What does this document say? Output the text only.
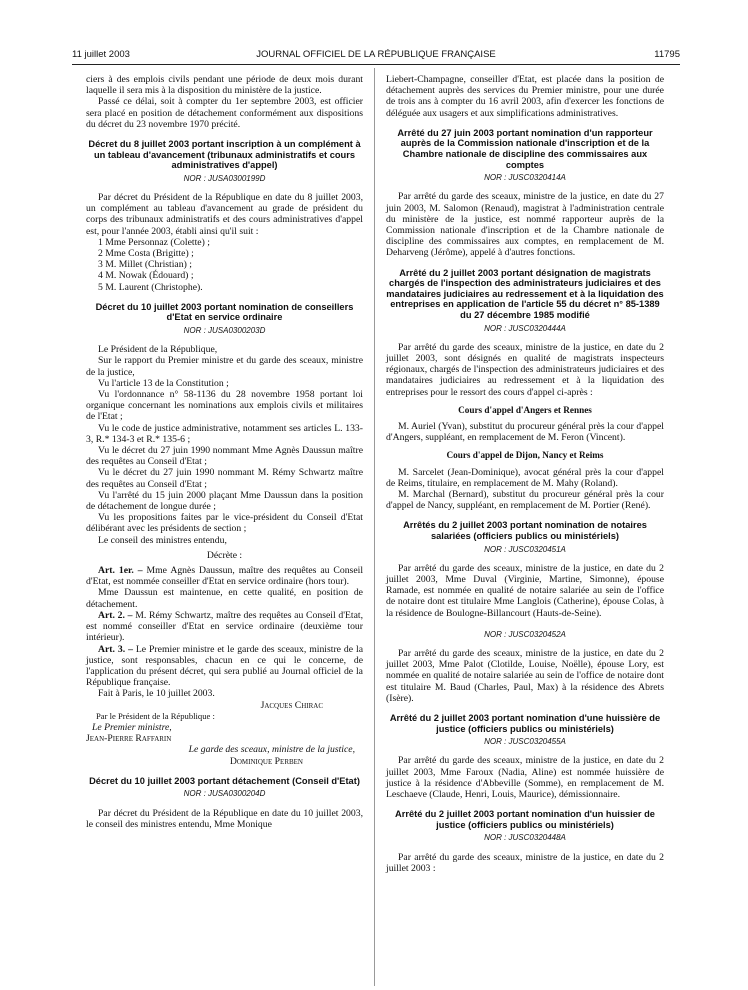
11 juillet 2003	JOURNAL OFFICIEL DE LA RÉPUBLIQUE FRANÇAISE	11795

ciers à des emplois civils pendant une période de deux mois durant laquelle il sera mis à la disposition du ministère de la justice.

Passé ce délai, soit à compter du 1er septembre 2003, est officier sera placé en position de détachement conformément aux dispositions du décret du 23 novembre 1970 précité.

Décret du 8 juillet 2003 portant inscription à un complément à un tableau d'avancement (tribunaux administratifs et cours administratives d'appel)
NOR : JUSA0300199D

Par décret du Président de la République en date du 8 juillet 2003, un complément au tableau d'avancement au grade de président du corps des tribunaux administratifs et des cours administratives d'appel est, pour l'année 2003, établi ainsi qu'il suit :

1 Mme Personnaz (Colette) ;

2 Mme Costa (Brigitte) ;

3 M. Millet (Christian) ;

4 M. Nowak (Édouard) ;

5 M. Laurent (Christophe).

Décret du 10 juillet 2003 portant nomination de conseillers d'Etat en service ordinaire
NOR : JUSA0300203D

Le Président de la République,

Sur le rapport du Premier ministre et du garde des sceaux, ministre de la justice,

Vu l'article 13 de la Constitution ;

Vu l'ordonnance n° 58-1136 du 28 novembre 1958 portant loi organique concernant les nominations aux emplois civils et militaires de l'Etat ;

Vu le code de justice administrative, notamment ses articles L. 133-3, R.* 134-3 et R.* 135-6 ;

Vu le décret du 27 juin 1990 nommant Mme Agnès Daussun maître des requêtes au Conseil d'Etat ;

Vu le décret du 27 juin 1990 nommant M. Rémy Schwartz maître des requêtes au Conseil d'Etat ;

Vu l'arrêté du 15 juin 2000 plaçant Mme Daussun dans la position de détachement de longue durée ;

Vu les propositions faites par le vice-président du Conseil d'Etat délibérant avec les présidents de section ;

Le conseil des ministres entendu,

Décrète :

Art. 1er. – Mme Agnès Daussun, maître des requêtes au Conseil d'Etat, est nommée conseiller d'Etat en service ordinaire (hors tour).

Mme Daussun est maintenue, en cette qualité, en position de détachement.

Art. 2. – M. Rémy Schwartz, maître des requêtes au Conseil d'Etat, est nommé conseiller d'Etat en service ordinaire (deuxième tour intérieur).

Art. 3. – Le Premier ministre et le garde des sceaux, ministre de la justice, sont responsables, chacun en ce qui le concerne, de l'application du présent décret, qui sera publié au Journal officiel de la République française.

Fait à Paris, le 10 juillet 2003.

Jacques Chirac

Par le Président de la République :

Le Premier ministre,

Jean-Pierre Raffarin

Le garde des sceaux, ministre de la justice,

Dominique Perben

Décret du 10 juillet 2003 portant détachement (Conseil d'Etat)
NOR : JUSA0300204D

Par décret du Président de la République en date du 10 juillet 2003, le conseil des ministres entendu, Mme Monique

Liebert-Champagne, conseiller d'Etat, est placée dans la position de détachement auprès des services du Premier ministre, pour une durée de trois ans à compter du 16 avril 2003, afin d'exercer les fonctions de déléguée aux usagers et aux simplifications administratives.

Arrêté du 27 juin 2003 portant nomination d'un rapporteur auprès de la Commission nationale d'inscription et de la Chambre nationale de discipline des commissaires aux comptes
NOR : JUSC0320414A

Par arrêté du garde des sceaux, ministre de la justice, en date du 27 juin 2003, M. Salomon (Renaud), magistrat à l'administration centrale du ministère de la justice, est nommé rapporteur auprès de la Commission nationale d'inscription et de la Chambre nationale de discipline des commissaires aux comptes, en remplacement de M. Deharveng (Jérôme), appelé à d'autres fonctions.

Arrêté du 2 juillet 2003 portant désignation de magistrats chargés de l'inspection des administrateurs judiciaires et des mandataires judiciaires au redressement et à la liquidation des entreprises en application de l'article 55 du décret n° 85-1389 du 27 décembre 1985 modifié
NOR : JUSC0320444A

Par arrêté du garde des sceaux, ministre de la justice, en date du 2 juillet 2003, sont désignés en qualité de magistrats inspecteurs régionaux, chargés de l'inspection des administrateurs judiciaires et des mandataires judiciaires au redressement et à la liquidation des entreprises pour le ressort des cours d'appel ci-après :

Cours d'appel d'Angers et Rennes

M. Auriel (Yvan), substitut du procureur général près la cour d'appel d'Angers, suppléant, en remplacement de M. Feron (Vincent).

Cours d'appel de Dijon, Nancy et Reims

M. Sarcelet (Jean-Dominique), avocat général près la cour d'appel de Reims, titulaire, en remplacement de M. Mahy (Roland).

M. Marchal (Bernard), substitut du procureur général près la cour d'appel de Nancy, suppléant, en remplacement de M. Portier (René).

Arrêtés du 2 juillet 2003 portant nomination de notaires salariées (officiers publics ou ministériels)
NOR : JUSC0320451A

Par arrêté du garde des sceaux, ministre de la justice, en date du 2 juillet 2003, Mme Duval (Virginie, Martine, Simonne), épouse Ramade, est nommée en qualité de notaire salariée au sein de l'office de notaire dont est titulaire Mme Langlois (Catherine), épouse Colas, à la résidence de Boulogne-Billancourt (Hauts-de-Seine).

NOR : JUSC0320452A

Par arrêté du garde des sceaux, ministre de la justice, en date du 2 juillet 2003, Mme Palot (Clotilde, Louise, Noëlle), épouse Lory, est nommée en qualité de notaire salariée au sein de l'office de notaire dont est titulaire M. Baud (Charles, Paul, Max) à la résidence des Abrets (Isère).

Arrêté du 2 juillet 2003 portant nomination d'une huissière de justice (officiers publics ou ministériels)
NOR : JUSC0320455A

Par arrêté du garde des sceaux, ministre de la justice, en date du 2 juillet 2003, Mme Faroux (Nadia, Aline) est nommée huissière de justice à la résidence d'Abbeville (Somme), en remplacement de M. Leschaeve (Claude, Henri, Louis, Maurice), démissionnaire.

Arrêté du 2 juillet 2003 portant nomination d'un huissier de justice (officiers publics ou ministériels)
NOR : JUSC0320448A

Par arrêté du garde des sceaux, ministre de la justice, en date du 2 juillet 2003 :
